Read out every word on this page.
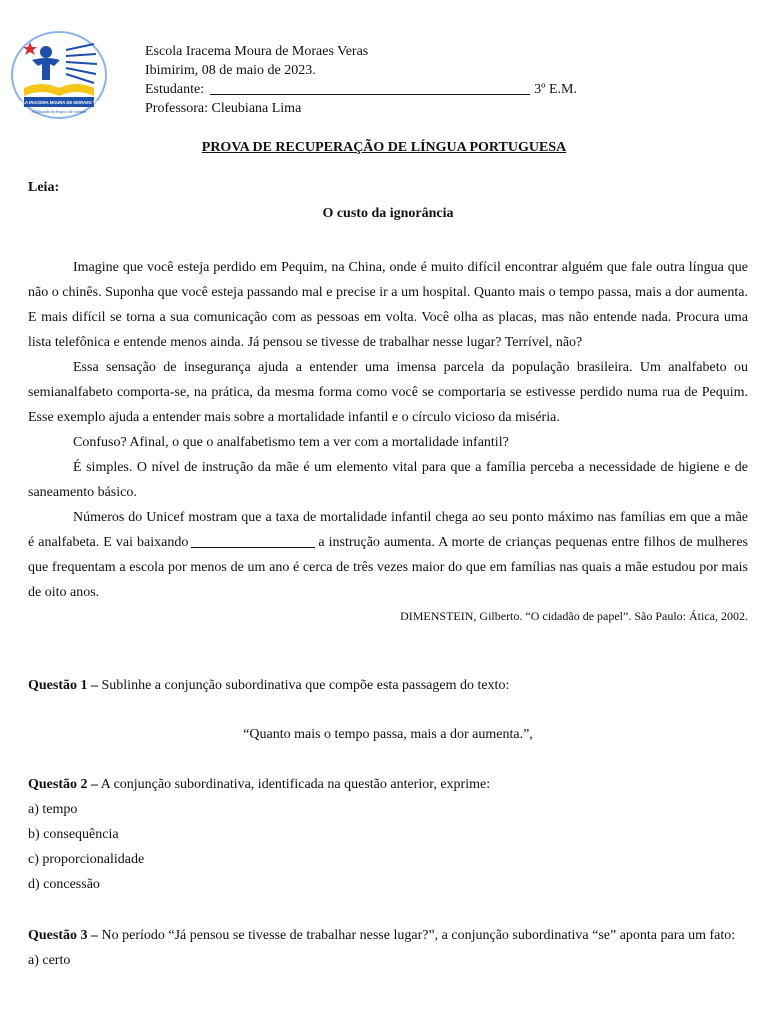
ESCOLA IRACEMA MOURA DE MORAES VERAS
A Educação de braços e de coração
Escola Iracema Moura de Moraes Veras
Ibimirim, 08 de maio de 2023.
Estudante:	3º E.M.
Professora: Cleubiana Lima
PROVA DE RECUPERAÇÃO DE LÍNGUA PORTUGUESA
Leia:
O custo da ignorância

Imagine que você esteja perdido em Pequim, na China, onde é muito difícil encontrar alguém que fale outra língua que não o chinês. Suponha que você esteja passando mal e precise ir a um hospital. Quanto mais o tempo passa, mais a dor aumenta. E mais difícil se torna a sua comunicação com as pessoas em volta. Você olha as placas, mas não entende nada. Procura uma lista telefônica e entende menos ainda. Já pensou se tivesse de trabalhar nesse lugar? Terrível, não?

Essa sensação de insegurança ajuda a entender uma imensa parcela da população brasileira. Um analfabeto ou semianalfabeto comporta-se, na prática, da mesma forma como você se comportaria se estivesse perdido numa rua de Pequim. Esse exemplo ajuda a entender mais sobre a mortalidade infantil e o círculo vicioso da miséria.

Confuso? Afinal, o que o analfabetismo tem a ver com a mortalidade infantil?

É simples. O nível de instrução da mãe é um elemento vital para que a família perceba a necessidade de higiene e de saneamento básico.

Números do Unicef mostram que a taxa de mortalidade infantil chega ao seu ponto máximo nas famílias em que a mãe é analfabeta. E vai baixando	a instrução aumenta. A morte de crianças pequenas entre filhos de mulheres que frequentam a escola por menos de um ano é cerca de três vezes maior do que em famílias nas quais a mãe estudou por mais de oito anos.

DIMENSTEIN, Gilberto. “O cidadão de papel”. São Paulo: Ática, 2002.

Questão 1 – Sublinhe a conjunção subordinativa que compõe esta passagem do texto:

“Quanto mais o tempo passa, mais a dor aumenta.”,

Questão 2 – A conjunção subordinativa, identificada na questão anterior, exprime:

a) tempo

b) consequência

c) proporcionalidade

d) concessão

Questão 3 – No período “Já pensou se tivesse de trabalhar nesse lugar?”, a conjunção subordinativa “se” aponta para um fato:

a) certo
